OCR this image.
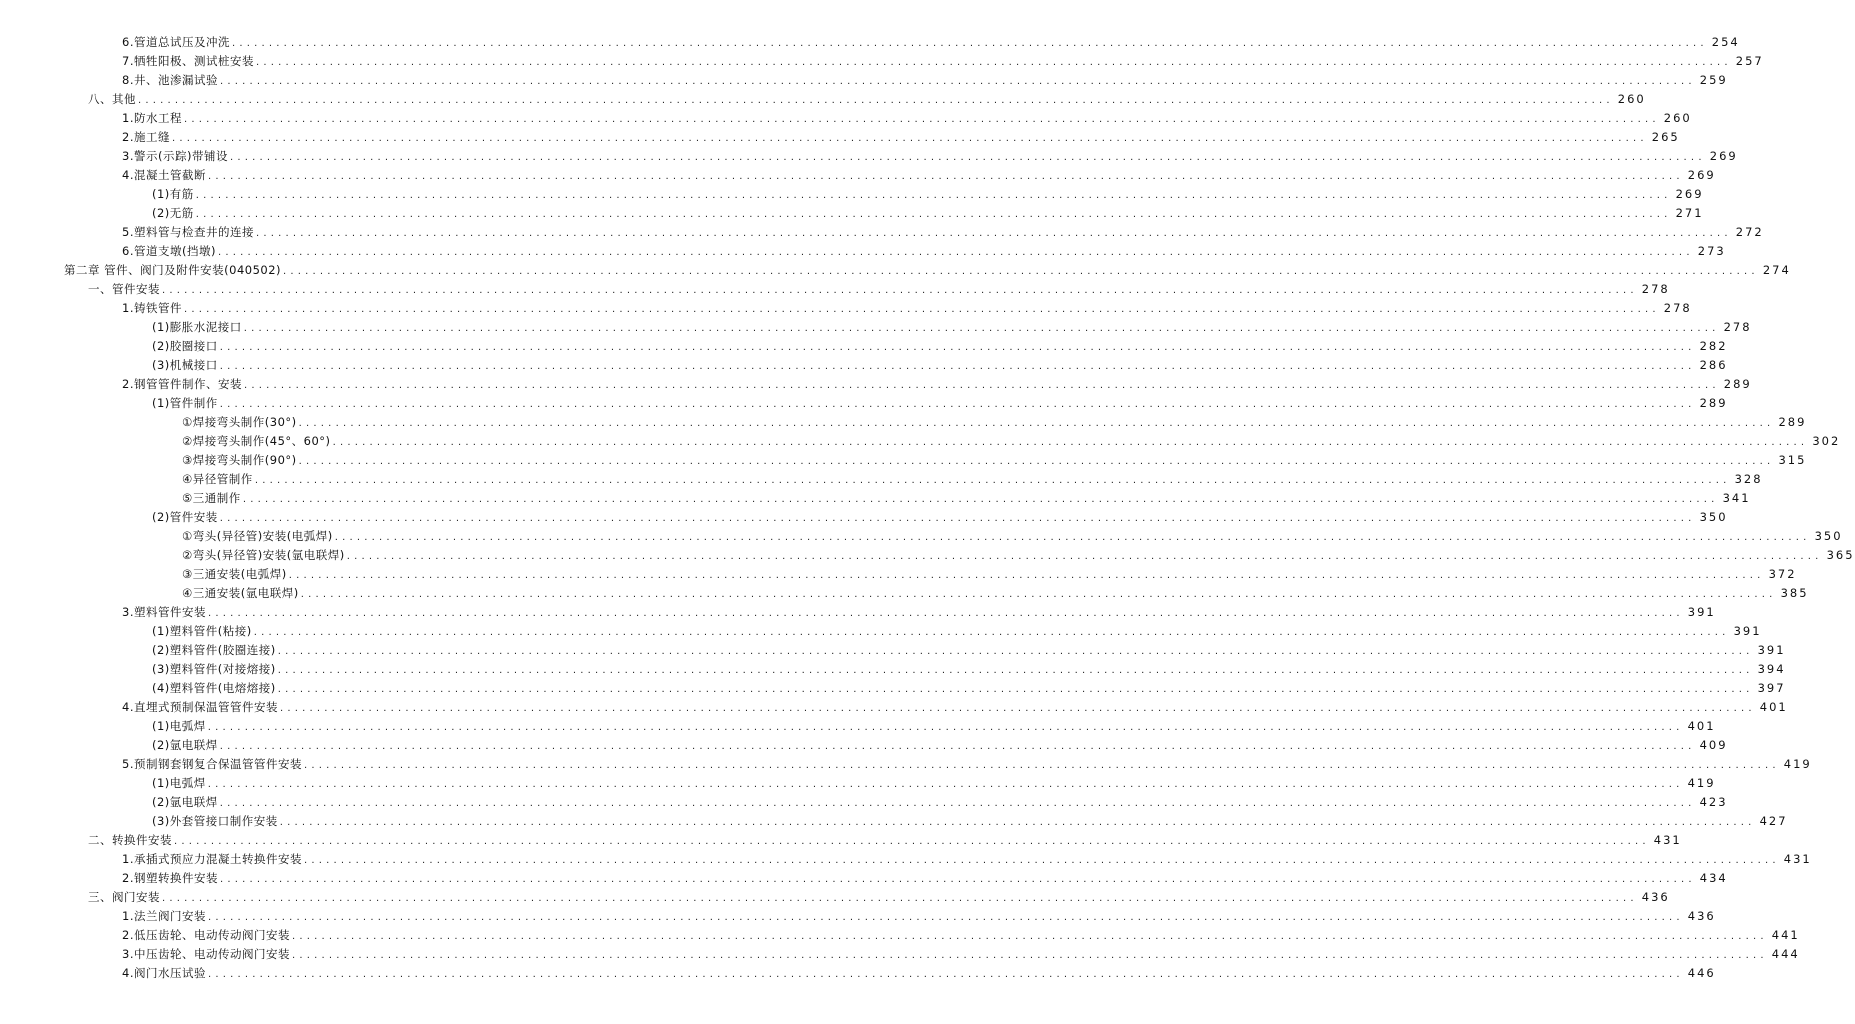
6.管道总试压及冲洗 ........................................................................................................................................................................................................ 254
7.牺牲阳极、测试桩安装 ........................................................................................................................................................................................................ 257
8.井、池渗漏试验 ........................................................................................................................................................................................................ 259
八、其他 ........................................................................................................................................................................................................ 260
1.防水工程 ........................................................................................................................................................................................................ 260
2.施工缝 ........................................................................................................................................................................................................ 265
3.警示(示踪)带铺设 ........................................................................................................................................................................................................ 269
4.混凝土管截断 ........................................................................................................................................................................................................ 269
(1)有筋 ........................................................................................................................................................................................................ 269
(2)无筋 ........................................................................................................................................................................................................ 271
5.塑料管与检查井的连接 ........................................................................................................................................................................................................ 272
6.管道支墩(挡墩) ........................................................................................................................................................................................................ 273
第二章 管件、阀门及附件安装(040502) ........................................................................................................................................................................................................ 274
一、管件安装 ........................................................................................................................................................................................................ 278
1.铸铁管件 ........................................................................................................................................................................................................ 278
(1)膨胀水泥接口 ........................................................................................................................................................................................................ 278
(2)胶圈接口 ........................................................................................................................................................................................................ 282
(3)机械接口 ........................................................................................................................................................................................................ 286
2.钢管管件制作、安装 ........................................................................................................................................................................................................ 289
(1)管件制作 ........................................................................................................................................................................................................ 289
①焊接弯头制作(30°) ........................................................................................................................................................................................................ 289
②焊接弯头制作(45°、60°) ........................................................................................................................................................................................................ 302
③焊接弯头制作(90°) ........................................................................................................................................................................................................ 315
④异径管制作 ........................................................................................................................................................................................................ 328
⑤三通制作 ........................................................................................................................................................................................................ 341
(2)管件安装 ........................................................................................................................................................................................................ 350
①弯头(异径管)安装(电弧焊) ........................................................................................................................................................................................................ 350
②弯头(异径管)安装(氩电联焊) ........................................................................................................................................................................................................ 365
③三通安装(电弧焊) ........................................................................................................................................................................................................ 372
④三通安装(氩电联焊) ........................................................................................................................................................................................................ 385
3.塑料管件安装 ........................................................................................................................................................................................................ 391
(1)塑料管件(粘接) ........................................................................................................................................................................................................ 391
(2)塑料管件(胶圈连接) ........................................................................................................................................................................................................ 391
(3)塑料管件(对接熔接) ........................................................................................................................................................................................................ 394
(4)塑料管件(电熔熔接) ........................................................................................................................................................................................................ 397
4.直埋式预制保温管管件安装 ........................................................................................................................................................................................................ 401
(1)电弧焊 ........................................................................................................................................................................................................ 401
(2)氩电联焊 ........................................................................................................................................................................................................ 409
5.预制钢套钢复合保温管管件安装 ........................................................................................................................................................................................................ 419
(1)电弧焊 ........................................................................................................................................................................................................ 419
(2)氩电联焊 ........................................................................................................................................................................................................ 423
(3)外套管接口制作安装 ........................................................................................................................................................................................................ 427
二、转换件安装 ........................................................................................................................................................................................................ 431
1.承插式预应力混凝土转换件安装 ........................................................................................................................................................................................................ 431
2.钢塑转换件安装 ........................................................................................................................................................................................................ 434
三、阀门安装 ........................................................................................................................................................................................................ 436
1.法兰阀门安装 ........................................................................................................................................................................................................ 436
2.低压齿轮、电动传动阀门安装 ........................................................................................................................................................................................................ 441
3.中压齿轮、电动传动阀门安装 ........................................................................................................................................................................................................ 444
4.阀门水压试验 ........................................................................................................................................................................................................ 446
